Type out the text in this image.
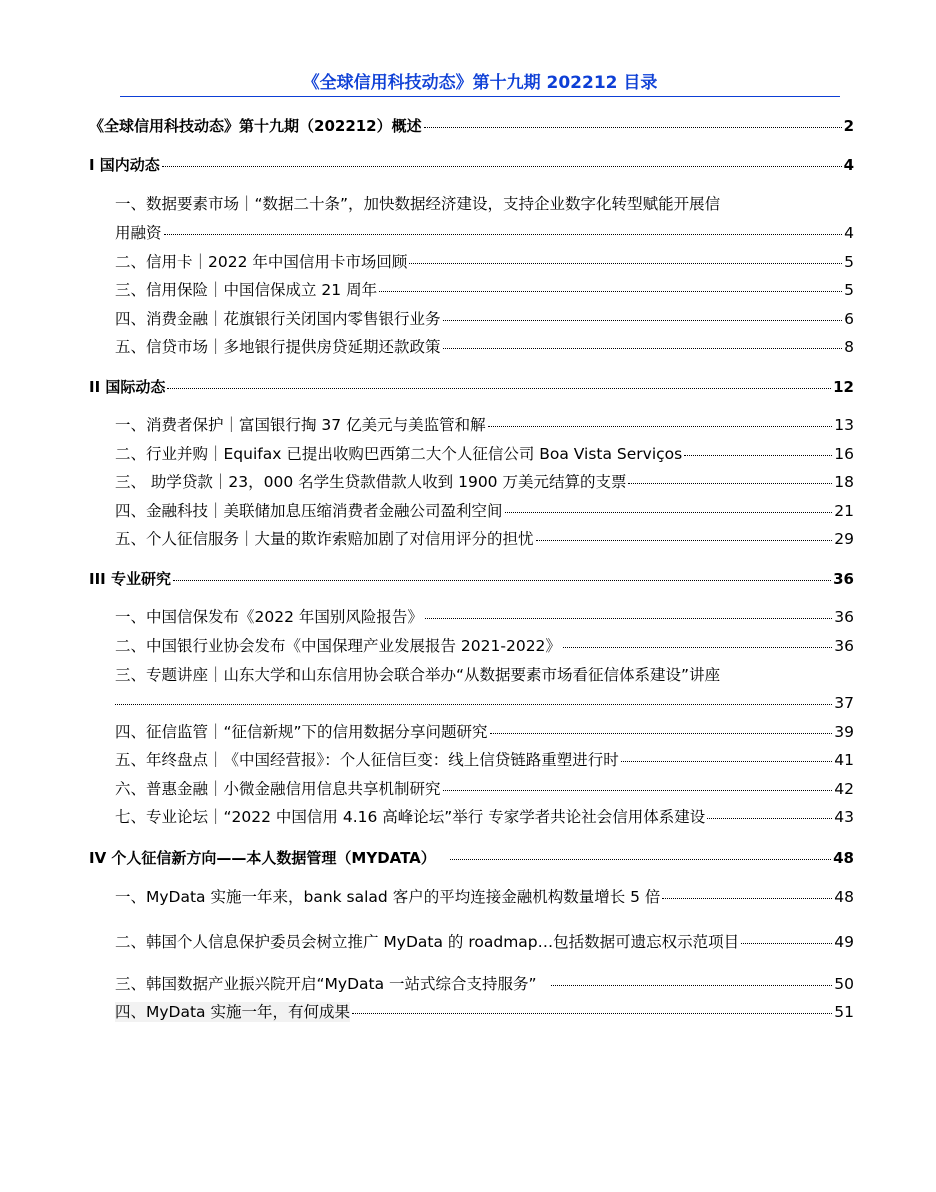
《全球信用科技动态》第十九期 202212 目录
《全球信用科技动态》第十九期（202212）概述	2
I 国内动态	4
一、数据要素市场｜“数据二十条”，加快数据经济建设，支持企业数字化转型赋能开展信
用融资	4
二、信用卡｜2022 年中国信用卡市场回顾	5
三、信用保险｜中国信保成立 21 周年	5
四、消费金融｜花旗银行关闭国内零售银行业务	6
五、信贷市场｜多地银行提供房贷延期还款政策	8
II 国际动态	12
一、消费者保护｜富国银行掏 37 亿美元与美监管和解	13
二、行业并购｜Equifax 已提出收购巴西第二大个人征信公司 Boa Vista Serviços	16
三、 助学贷款｜23，000 名学生贷款借款人收到 1900 万美元结算的支票	18
四、金融科技｜美联储加息压缩消费者金融公司盈利空间	21
五、个人征信服务｜大量的欺诈索赔加剧了对信用评分的担忧	29
III 专业研究	36
一、中国信保发布《2022 年国别风险报告》	36
二、中国银行业协会发布《中国保理产业发展报告 2021-2022》	36
三、专题讲座｜山东大学和山东信用协会联合举办“从数据要素市场看征信体系建设”讲座
37
四、征信监管｜“征信新规”下的信用数据分享问题研究	39
五、年终盘点｜《中国经营报》：个人征信巨变：线上信贷链路重塑进行时	41
六、普惠金融｜小微金融信用信息共享机制研究	42
七、专业论坛｜“2022 中国信用 4.16 高峰论坛”举行 专家学者共论社会信用体系建设	43
IV 个人征信新方向——本人数据管理（MYDATA）	48
一、MyData 实施一年来，bank salad 客户的平均连接金融机构数量增长 5 倍	48
二、韩国个人信息保护委员会树立推广 MyData 的 roadmap…包括数据可遗忘权示范项目	49
三、韩国数据产业振兴院开启“MyData 一站式综合支持服务”	50
四、MyData 实施一年，有何成果	51
